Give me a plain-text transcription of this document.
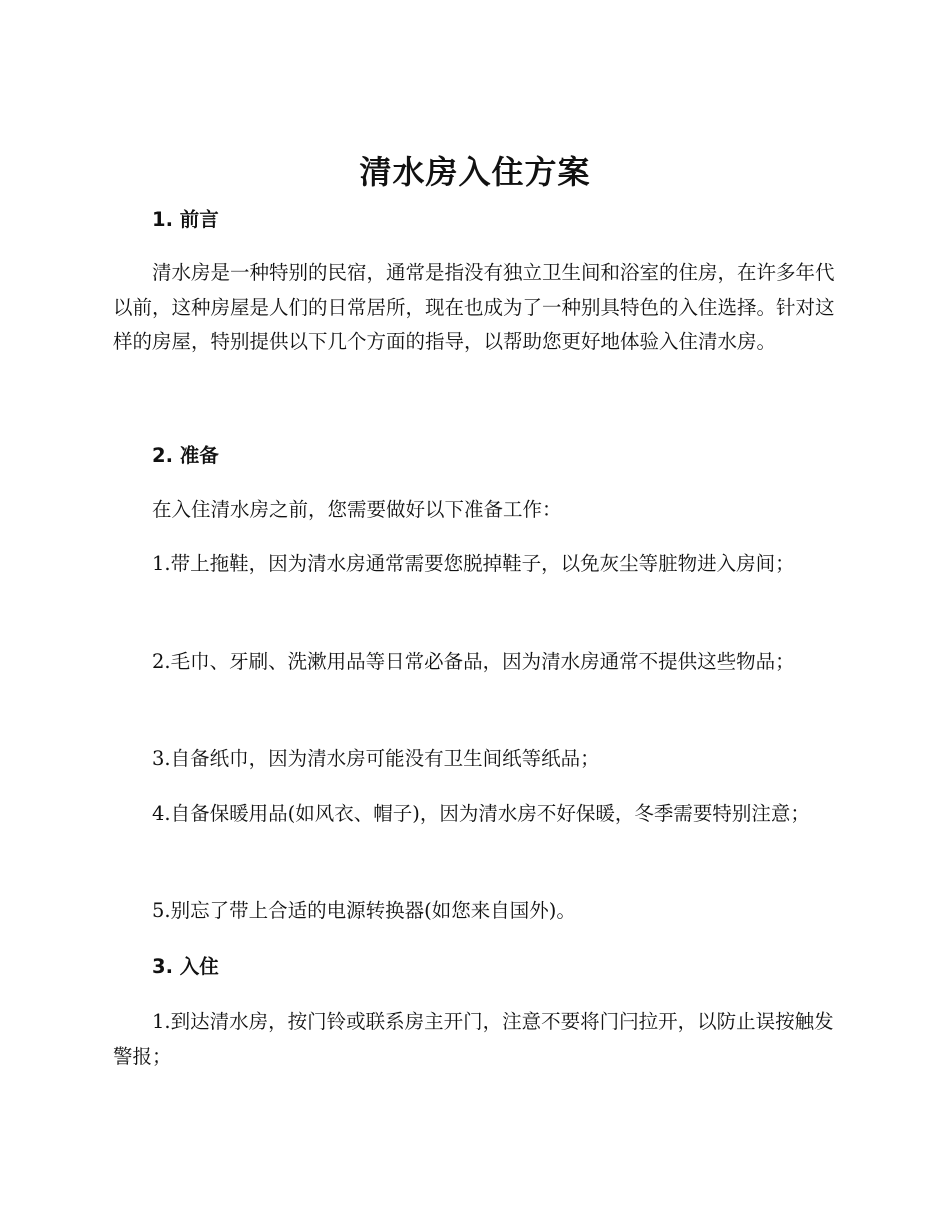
清水房入住方案

1. 前言

清水房是一种特别的民宿，通常是指没有独立卫生间和浴室的住房，在许多年代以前，这种房屋是人们的日常居所，现在也成为了一种别具特色的入住选择。针对这样的房屋，特别提供以下几个方面的指导，以帮助您更好地体验入住清水房。

2. 准备

在入住清水房之前，您需要做好以下准备工作：

1.带上拖鞋，因为清水房通常需要您脱掉鞋子，以免灰尘等脏物进入房间；

2.毛巾、牙刷、洗漱用品等日常必备品，因为清水房通常不提供这些物品；

3.自备纸巾，因为清水房可能没有卫生间纸等纸品；

4.自备保暖用品(如风衣、帽子)，因为清水房不好保暖，冬季需要特别注意；

5.别忘了带上合适的电源转换器(如您来自国外)。

3. 入住

1.到达清水房，按门铃或联系房主开门，注意不要将门闩拉开，以防止误按触发警报；
